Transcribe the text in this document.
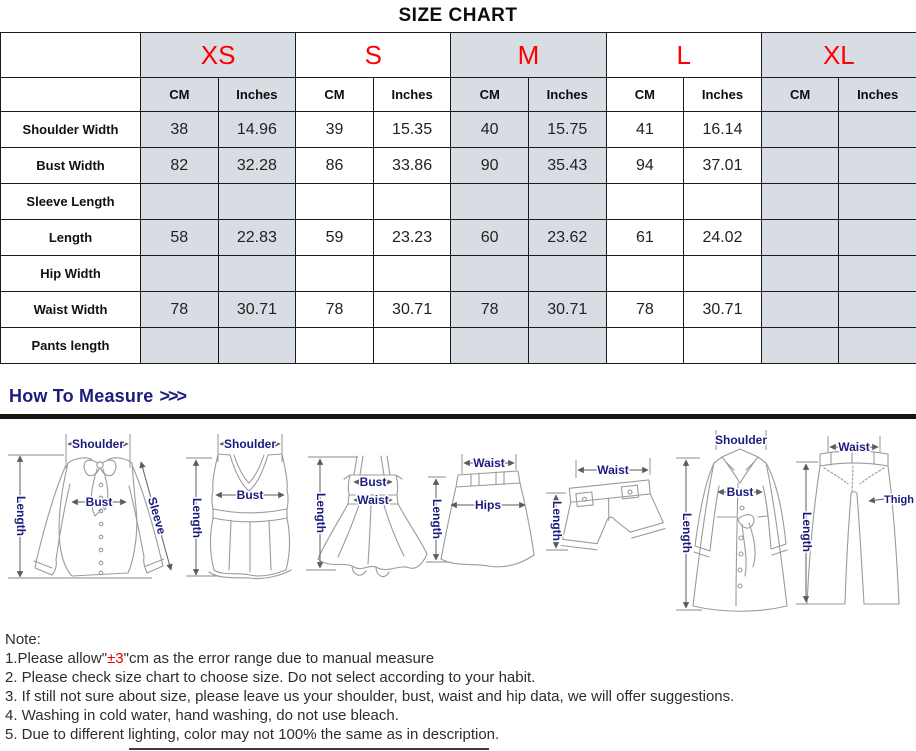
SIZE CHART
	XS		S		M		L		XL	
	CM	Inches	CM	Inches	CM	Inches	CM	Inches	CM	Inches
Shoulder Width	38	14.96	39	15.35	40	15.75	41	16.14		
Bust Width	82	32.28	86	33.86	90	35.43	94	37.01		
Sleeve Length										
Length	58	22.83	59	23.23	60	23.62	61	24.02		
Hip Width										
Waist Width	78	30.71	78	30.71	78	30.71	78	30.71		
Pants length										
How To Measure >>>
Shoulder
Bust	Sleeve
Length
Shoulder
Bust
Length
Bust
Waist
Length
Waist
Hips
Length
Waist
Length
Shoulder
Bust
Length
Waist
Thigh
Length
Note:
1.Please allow"±3"cm as the error range due to manual measure
2. Please check size chart to choose size. Do not select according to your habit.
3. If still not sure about size, please leave us your shoulder, bust, waist and hip data, we will offer suggestions.
4. Washing in cold water, hand washing, do not use bleach.
5. Due to different lighting, color may not 100% the same as in description.
